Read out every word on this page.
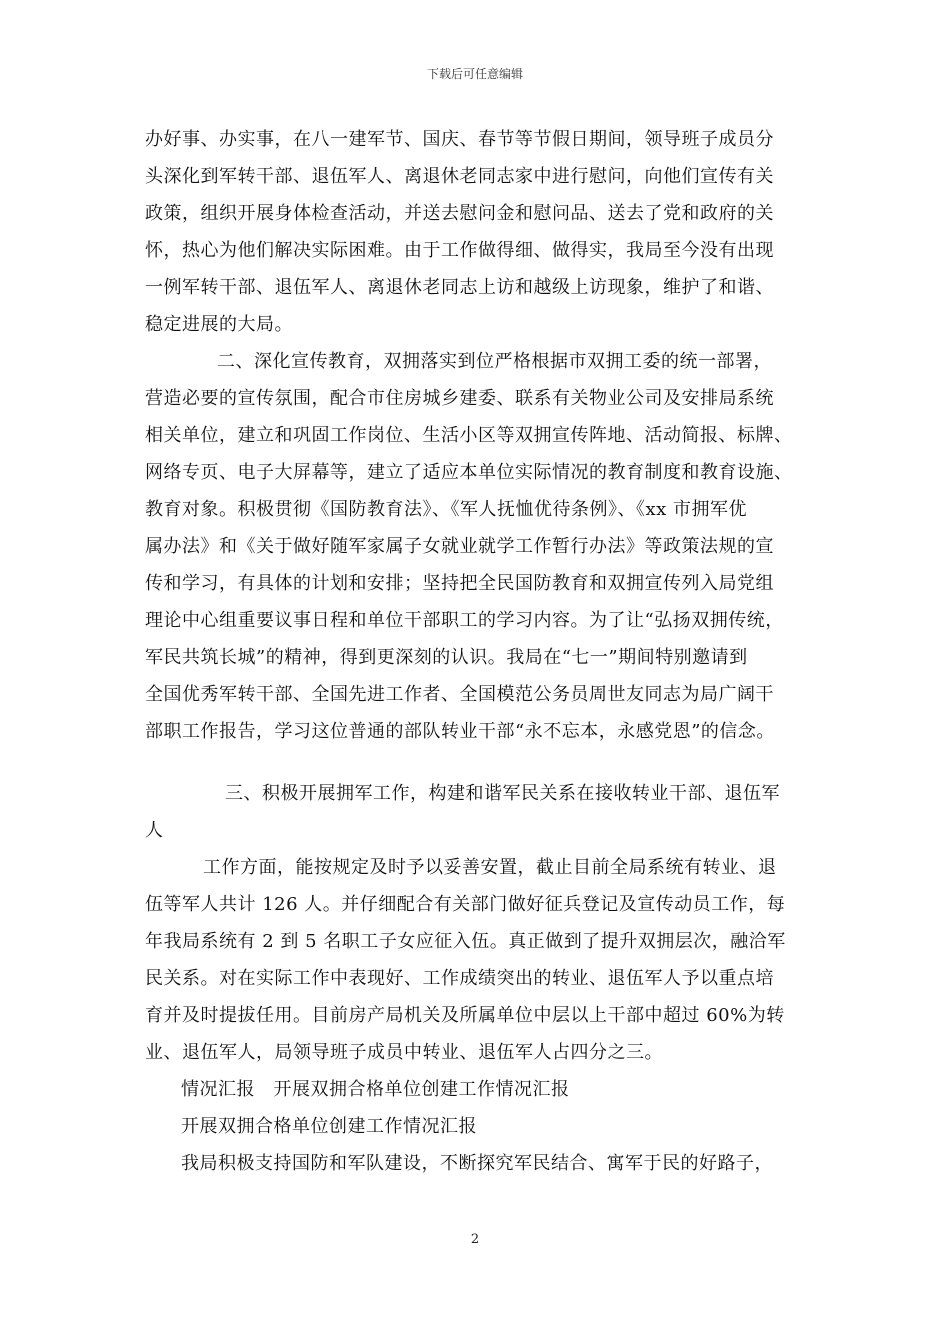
下载后可任意编辑
办好事、办实事，在八一建军节、国庆、春节等节假日期间，领导班子成员分
头深化到军转干部、退伍军人、离退休老同志家中进行慰问，向他们宣传有关
政策，组织开展身体检查活动，并送去慰问金和慰问品、送去了党和政府的关
怀，热心为他们解决实际困难。由于工作做得细、做得实，我局至今没有出现
一例军转干部、退伍军人、离退休老同志上访和越级上访现象，维护了和谐、
稳定进展的大局。
二、深化宣传教育，双拥落实到位严格根据市双拥工委的统一部署，
营造必要的宣传氛围，配合市住房城乡建委、联系有关物业公司及安排局系统
相关单位，建立和巩固工作岗位、生活小区等双拥宣传阵地、活动简报、标牌、
网络专页、电子大屏幕等，建立了适应本单位实际情况的教育制度和教育设施、
教育对象。积极贯彻《国防教育法》、《军人抚恤优待条例》、《xx 市拥军优
属办法》和《关于做好随军家属子女就业就学工作暂行办法》等政策法规的宣
传和学习，有具体的计划和安排；坚持把全民国防教育和双拥宣传列入局党组
理论中心组重要议事日程和单位干部职工的学习内容。为了让“弘扬双拥传统，
军民共筑长城”的精神，得到更深刻的认识。我局在“七一”期间特别邀请到
全国优秀军转干部、全国先进工作者、全国模范公务员周世友同志为局广阔干
部职工作报告，学习这位普通的部队转业干部“永不忘本，永感党恩”的信念。
三、积极开展拥军工作，构建和谐军民关系在接收转业干部、退伍军
人
工作方面，能按规定及时予以妥善安置，截止目前全局系统有转业、退
伍等军人共计 126 人。并仔细配合有关部门做好征兵登记及宣传动员工作，每
年我局系统有 2 到 5 名职工子女应征入伍。真正做到了提升双拥层次，融洽军
民关系。对在实际工作中表现好、工作成绩突出的转业、退伍军人予以重点培
育并及时提拔任用。目前房产局机关及所属单位中层以上干部中超过 60%为转
业、退伍军人，局领导班子成员中转业、退伍军人占四分之三。
情况汇报　开展双拥合格单位创建工作情况汇报
开展双拥合格单位创建工作情况汇报
我局积极支持国防和军队建设，不断探究军民结合、寓军于民的好路子，
2
